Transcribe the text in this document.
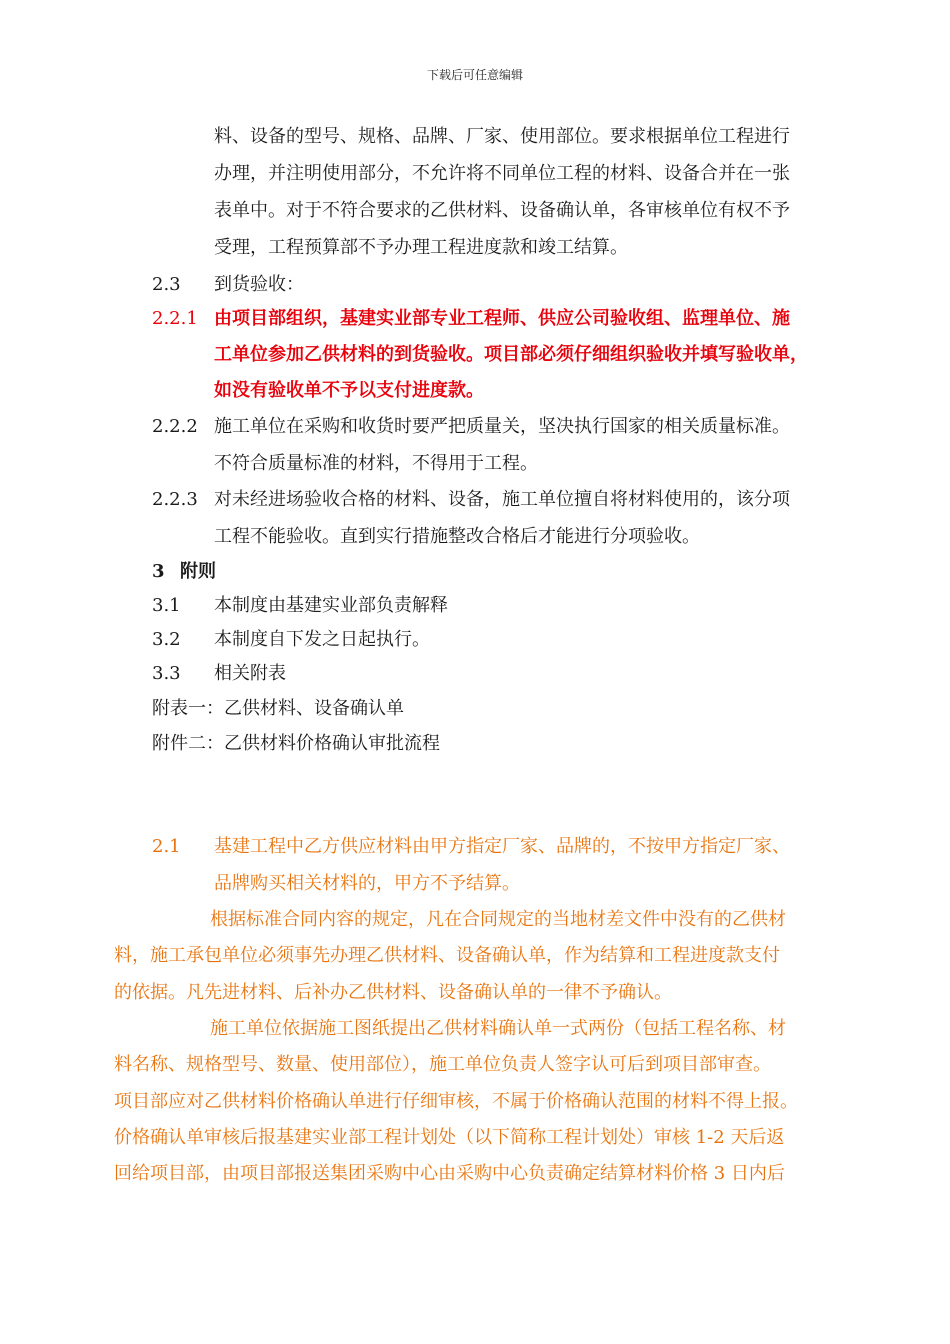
下载后可任意编辑
料、设备的型号、规格、品牌、厂家、使用部位。要求根据单位工程进行
办理，并注明使用部分，不允许将不同单位工程的材料、设备合并在一张
表单中。对于不符合要求的乙供材料、设备确认单，各审核单位有权不予
受理，工程预算部不予办理工程进度款和竣工结算。
2.3 到货验收：
2.2.1 由项目部组织，基建实业部专业工程师、供应公司验收组、监理单位、施
工单位参加乙供材料的到货验收。项目部必须仔细组织验收并填写验收单，
如没有验收单不予以支付进度款。
2.2.2 施工单位在采购和收货时要严把质量关，坚决执行国家的相关质量标准。
不符合质量标准的材料，不得用于工程。
2.2.3 对未经进场验收合格的材料、设备，施工单位擅自将材料使用的，该分项
工程不能验收。直到实行措施整改合格后才能进行分项验收。
3 附则
3.1 本制度由基建实业部负责解释
3.2 本制度自下发之日起执行。
3.3 相关附表
附表一：乙供材料、设备确认单
附件二：乙供材料价格确认审批流程
2.1 基建工程中乙方供应材料由甲方指定厂家、品牌的，不按甲方指定厂家、
品牌购买相关材料的，甲方不予结算。
根据标准合同内容的规定，凡在合同规定的当地材差文件中没有的乙供材
料，施工承包单位必须事先办理乙供材料、设备确认单，作为结算和工程进度款支付
的依据。凡先进材料、后补办乙供材料、设备确认单的一律不予确认。
施工单位依据施工图纸提出乙供材料确认单一式两份（包括工程名称、材
料名称、规格型号、数量、使用部位），施工单位负责人签字认可后到项目部审查。
项目部应对乙供材料价格确认单进行仔细审核，不属于价格确认范围的材料不得上报。
价格确认单审核后报基建实业部工程计划处（以下简称工程计划处）审核 1-2 天后返
回给项目部，由项目部报送集团采购中心由采购中心负责确定结算材料价格 3 日内后
